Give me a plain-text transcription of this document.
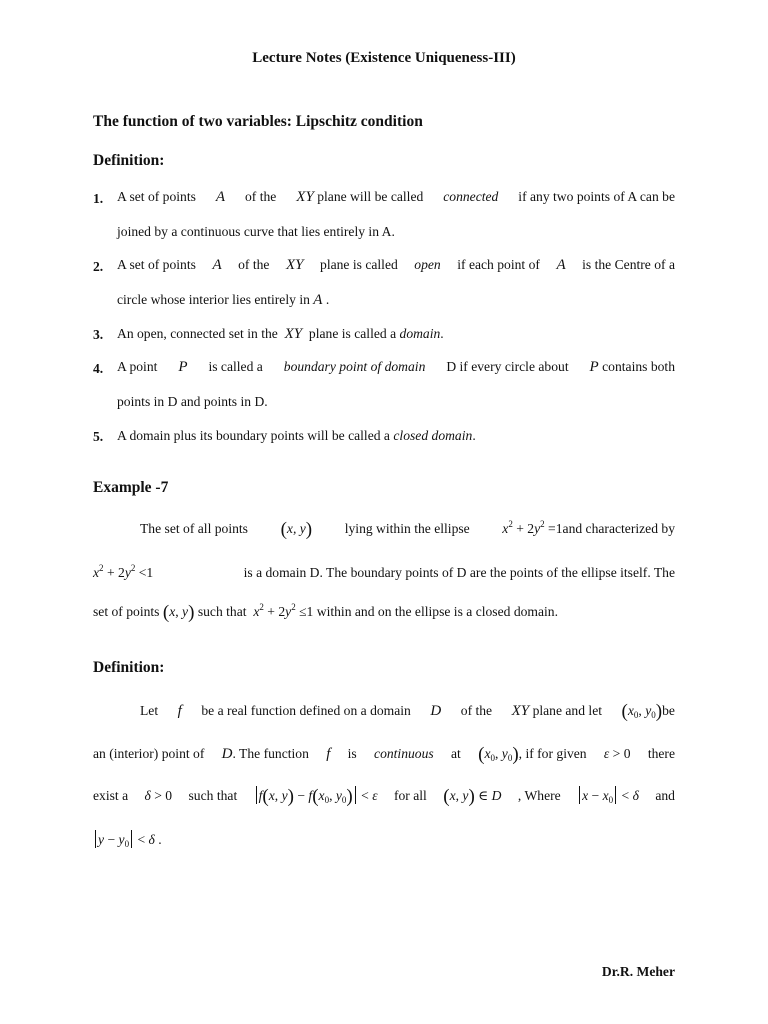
Lecture Notes (Existence Uniqueness-III)
The function of two variables: Lipschitz condition
Definition:
1. A set of points A of the XY plane will be called connected if any two points of A can be
joined by a continuous curve that lies entirely in A.
2. A set of points A of the XY plane is called open if each point of A is the Centre of a
circle whose interior lies entirely in A .
3. An open, connected set in the XY plane is called a domain.
4. A point P is called a boundary point of domain D if every circle about P contains both
points in D and points in D.
5. A domain plus its boundary points will be called a closed domain.
Example -7
The set of all points (x, y) lying within the ellipse $x^2 + 2y^2 =1and$ characterized by
$x^2 + 2y^2 <1$	is a domain D. The boundary points of D are the points of the ellipse itself. The
set of points (x, y) such that $x^2 + 2y^2 \le 1$ within and on the ellipse is a closed domain.
Definition:
Let f be a real function defined on a domain D of the XY plane and let ($x_0$, $y_0)be$
an (interior) point of D. The function f is continuous at ($x_0$, $y_0$), if for given ε > 0 there
exist a δ > 0 such that	f(x, $y) - f(x_0$, $y_0) < \varepsilon$ for all (x, y) ∈ D , Where	$x - x_0 < \delta$ and
$y - y_0 < \delta$ .
Dr.R. Meher
